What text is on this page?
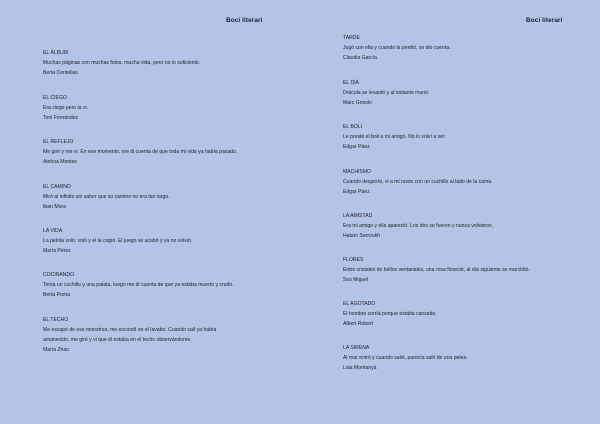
Bocí literari
EL ÁLBUM
Muchas páginas con muchas fotos, mucha vida, pero no lo suficiente.
Berta Centellas
EL CIEGO
Era ciego pero la vi.
Toni Fernández
EL REFLEJO
Me giré y me vi. En ese momento, me di cuenta de que toda mi vida ya había pasado.
Ainhoa Montes
EL CAMINO
Miró al infinito sin saber que su camino no era tan largo.
Iban Mora
LA VIDA
La pelota voló, voló y él la cogió. El juego se acabó y ya no volvió.
María Pérez
COCINANDO
Tenía un cuchillo y una patata, luego me di cuenta de que ya estaba muerto y crudo.
Berta Poma
EL TECHO
Me escapé de ese monstruo, me escondí en el lavabo. Cuando salí ya había
amanecido, me giré y vi que él estaba en el techo observándome.
María Zhao
Bocí literari
TARDE
Jugó con ella y cuando la perdió, se dio cuenta.
Claudia García
EL DÍA
Drácula se levantó y al instante murió.
Marc Grisolo
EL BOLI
Le presté el boli a mi amigo. No lo volví a ver.
Edgar Páez
MACHISMO
Cuando desperté, vi a mi novio con un cuchillo al lado de la cama.
Edgar Páez
LA AMISTAD
Era mi amigo y ella apareció. Los dos se fueron y nunca volvieron.
Hatam Serroukh
FLORES
Entre cristales de bellos ventanales, una rosa floreció, al día siguiente se marchitó.
Sos Miguel
EL AGOTADO
El hombre corría porque estaba cansado.
Albert Robert
LA SIRENA
Al mar entró y cuando salió, parecía salir de una pelea.
Laia Montanyà
